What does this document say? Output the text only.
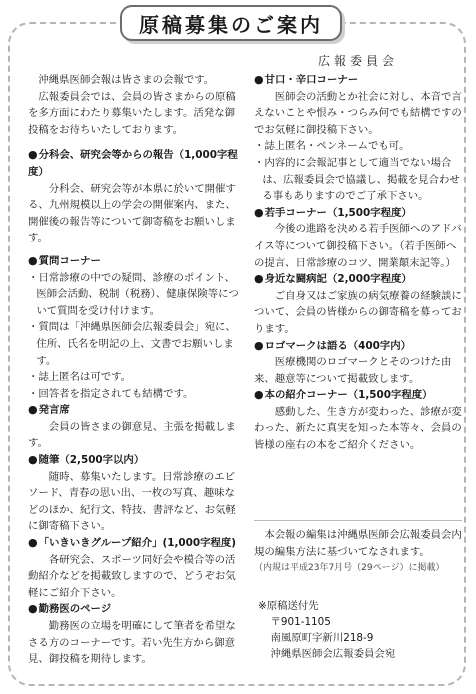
原稿募集のご案内
広報委員会

沖縄県医師会報は皆さまの会報です。

広報委員会では、会員の皆さまからの原稿を多方面にわたり募集いたします。活発な御投稿をお待ちいたしております。

●分科会、研究会等からの報告（1,000字程度）

分科会、研究会等が本県に於いて開催する、九州規模以上の学会の開催案内、また、開催後の報告等について御寄稿をお願いします。

●質問コーナー

・日常診療の中での疑問、診療のポイント、医師会活動、税制（税務）、健康保険等について質問を受け付けます。

・質問は「沖縄県医師会広報委員会」宛に、住所、氏名を明記の上、文書でお願いします。

・誌上匿名は可です。

・回答者を指定されても結構です。

●発言席

会員の皆さまの御意見、主張を掲載します。

●随筆（2,500字以内）

随時、募集いたします。日常診療のエピソード、青春の思い出、一枚の写真、趣味などのほか、紀行文、特技、書評など、お気軽に御寄稿下さい。

●「いきいきグループ紹介」(1,000字程度)

各研究会、スポーツ同好会や模合等の活動紹介などを掲載致しますので、どうぞお気軽にご紹介下さい。

●勤務医のページ

勤務医の立場を明確にして筆者を希望なさる方のコーナーです。若い先生方から御意見、御投稿を期待します。

●甘口・辛口コーナー

医師会の活動とか社会に対し、本音で言えないことや恨み・つらみ何でも結構ですのでお気軽に御投稿下さい。

・誌上匿名・ペンネームでも可。

・内容的に会報記事として適当でない場合は、広報委員会で協議し、掲載を見合わせる事もありますのでご了承下さい。

●若手コーナー（1,500字程度）

今後の進路を決める若手医師へのアドバイス等について御投稿下さい。（若手医師への提言、日常診療のコツ、開業顛末記等。）

●身近な闘病記（2,000字程度）

ご自身又はご家族の病気療養の経験談について、会員の皆様からの御寄稿を募っております。

●ロゴマークは語る（400字内）

医療機関のロゴマークとそのつけた由来、趣意等について掲載致します。

●本の紹介コーナー（1,500字程度）

感動した、生き方が変わった、診療が変わった、新たに真実を知った本等々、会員の皆様の座右の本をご紹介ください。

本会報の編集は沖縄県医師会広報委員会内規の編集方法に基づいてなされます。

（内規は平成23年7月号（29ページ）に掲載）

※原稿送付先

〒901-1105

南風原町字新川218-9

沖縄県医師会広報委員会宛
